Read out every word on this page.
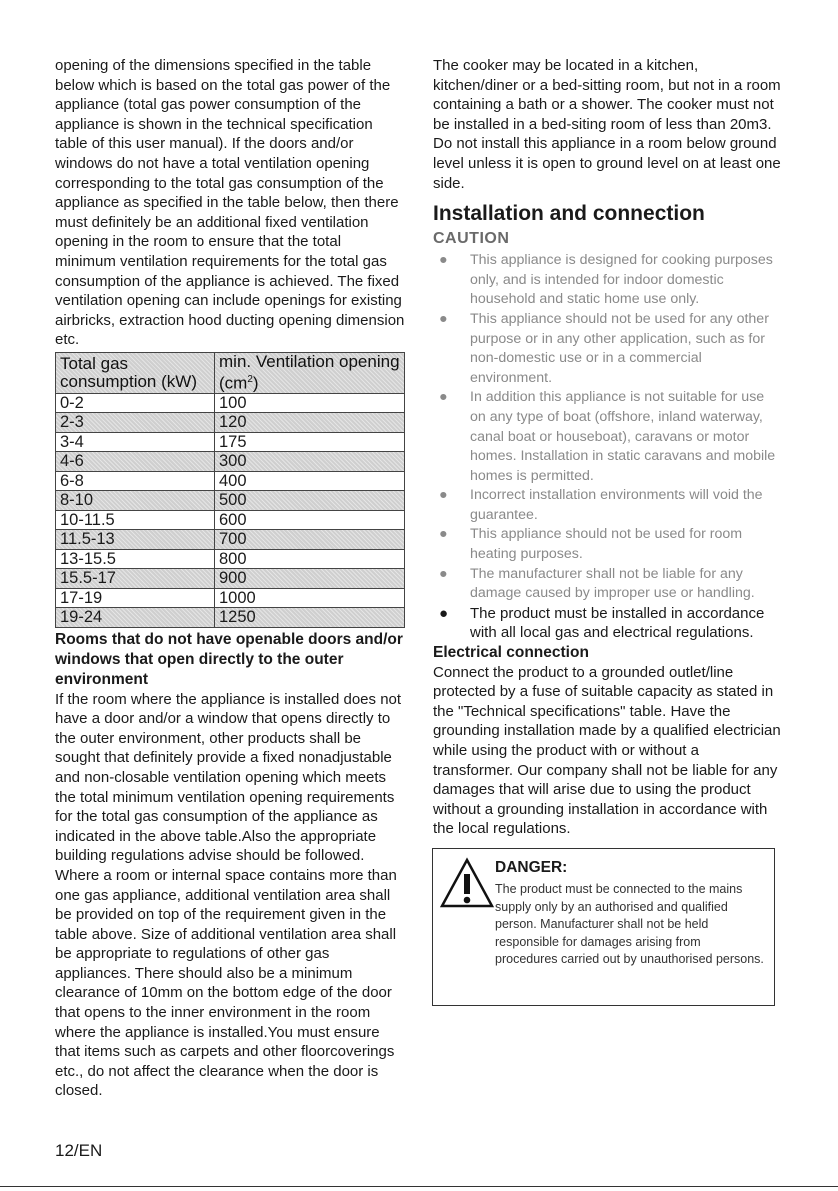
opening of the dimensions specified in the table below which is based on the total gas power of the appliance (total gas power consumption of the appliance is shown in the technical specification table of this user manual). If the doors and/or windows do not have a total ventilation opening corresponding to the total gas consumption of the appliance as specified in the table below, then there must definitely be an additional fixed ventilation opening in the room to ensure that the total minimum ventilation requirements for the total gas consumption of the appliance is achieved. The fixed ventilation opening can include openings for existing airbricks, extraction hood ducting opening dimension etc.

Total gas consumption (kW)	min. Ventilation opening $(cm^2)$
0-2	100
2-3	120
3-4	175
4-6	300
6-8	400
8-10	500
10-11.5	600
11.5-13	700
13-15.5	800
15.5-17	900
17-19	1000
19-24	1250

Rooms that do not have openable doors and/or windows that open directly to the outer environment

If the room where the appliance is installed does not have a door and/or a window that opens directly to the outer environment, other products shall be sought that definitely provide a fixed nonadjustable and non-closable ventilation opening which meets the total minimum ventilation opening requirements for the total gas consumption of the appliance as indicated in the above table.Also the appropriate building regulations advise should be followed.

Where a room or internal space contains more than one gas appliance, additional ventilation area shall be provided on top of the requirement given in the table above. Size of additional ventilation area shall be appropriate to regulations of other gas appliances. There should also be a minimum clearance of 10mm on the bottom edge of the door that opens to the inner environment in the room where the appliance is installed.You must ensure that items such as carpets and other floorcoverings etc., do not affect the clearance when the door is closed.

The cooker may be located in a kitchen, kitchen/diner or a bed-sitting room, but not in a room containing a bath or a shower. The cooker must not be installed in a bed-siting room of less than 20m3.

Do not install this appliance in a room below ground level unless it is open to ground level on at least one side.

Installation and connection
CAUTION
● This appliance is designed for cooking purposes only, and is intended for indoor domestic household and static home use only.
● This appliance should not be used for any other purpose or in any other application, such as for non-domestic use or in a commercial environment.
● In addition this appliance is not suitable for use on any type of boat (offshore, inland waterway, canal boat or houseboat), caravans or motor homes. Installation in static caravans and mobile homes is permitted.
● Incorrect installation environments will void the guarantee.
● This appliance should not be used for room heating purposes.
● The manufacturer shall not be liable for any damage caused by improper use or handling.
● The product must be installed in accordance with all local gas and electrical regulations.

Electrical connection

Connect the product to a grounded outlet/line protected by a fuse of suitable capacity as stated in the "Technical specifications" table. Have the grounding installation made by a qualified electrician while using the product with or without a transformer. Our company shall not be liable for any damages that will arise due to using the product without a grounding installation in accordance with the local regulations.

DANGER:
The product must be connected to the mains supply only by an authorised and qualified person. Manufacturer shall not be held responsible for damages arising from procedures carried out by unauthorised persons.
12/EN
